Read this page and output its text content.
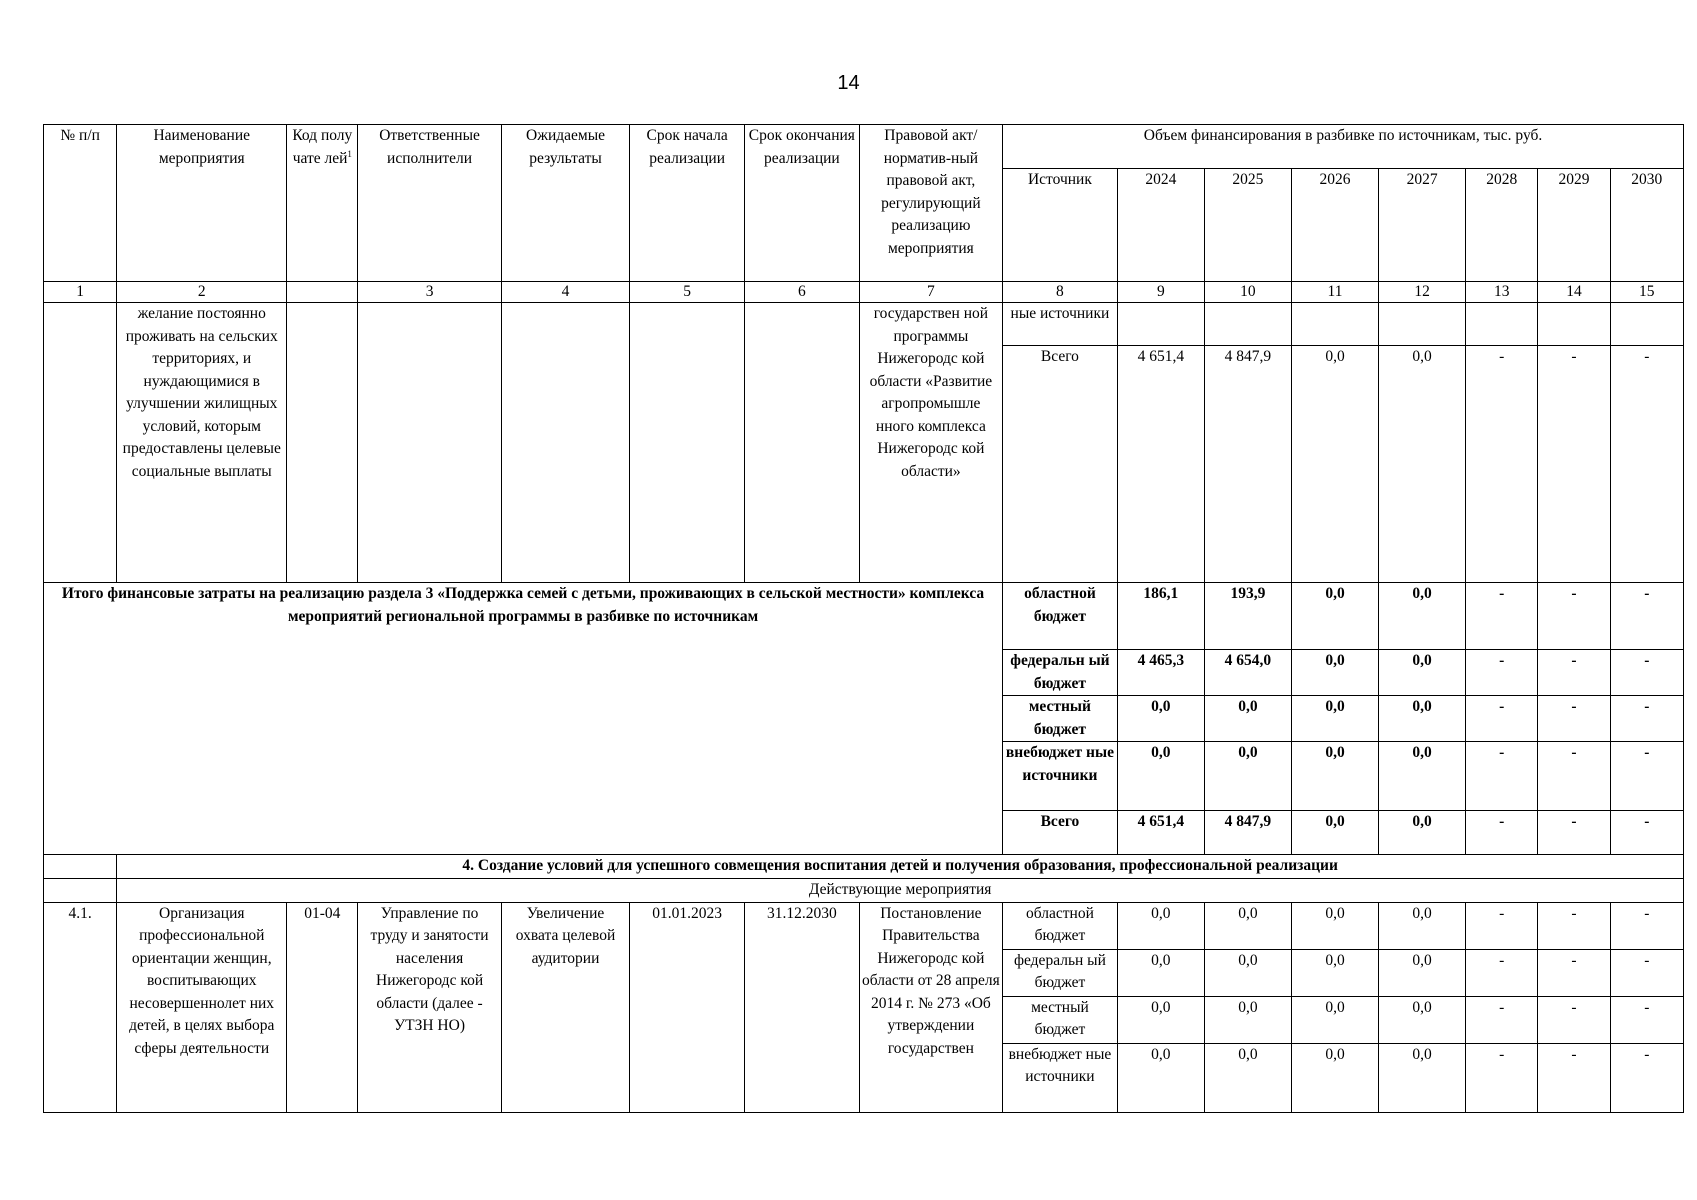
14
№ п/п	Наименование мероприятия	Код полу чате лей$^1$	Ответственные исполнители	Ожидаемые результаты	Срок начала реализации	Срок окончания реализации	Правовой акт/норматив-ный правовой акт, регулирующий реализацию мероприятия	Объем финансирования в разбивке по источникам, тыс. руб.							
								Источник	2024	2025	2026	2027	2028	2029	2030
1	2		3	4	5	6	7	8	9	10	11	12	13	14	15
	желание постоянно проживать на сельских территориях, и нуждающимися в улучшении жилищных условий, которым предоставлены целевые социальные выплаты						государствен ной программы Нижегородс кой области «Развитие агропромышле нного комплекса Нижегородс кой области»	ные источники							
								Всего	4 651,4	4 847,9	0,0	0,0	-	-	-
Итого финансовые затраты на реализацию раздела 3 «Поддержка семей с детьми, проживающих в сельской местности» комплекса мероприятий региональной программы в разбивке по источникам								областной бюджет	186,1	193,9	0,0	0,0	-	-	-
								федеральн ый бюджет	4 465,3	4 654,0	0,0	0,0	-	-	-
								местный бюджет	0,0	0,0	0,0	0,0	-	-	-
								внебюджет ные источники	0,0	0,0	0,0	0,0	-	-	-
								Всего	4 651,4	4 847,9	0,0	0,0	-	-	-
	4. Создание условий для успешного совмещения воспитания детей и получения образования, профессиональной реализации														
	Действующие мероприятия														
4.1.	Организация профессиональной ориентации женщин, воспитывающих несовершеннолет них детей, в целях выбора сферы деятельности	01-04	Управление по труду и занятости населения Нижегородс кой области (далее - УТЗН НО)	Увеличение охвата целевой аудитории	01.01.2023	31.12.2030	Постановление Правительства Нижегородс кой области от 28 апреля 2014 г. № 273 «Об утверждении государствен	областной бюджет	0,0	0,0	0,0	0,0	-	-	-
								федеральн ый бюджет	0,0	0,0	0,0	0,0	-	-	-
								местный бюджет	0,0	0,0	0,0	0,0	-	-	-
								внебюджет ные источники	0,0	0,0	0,0	0,0	-	-	-
